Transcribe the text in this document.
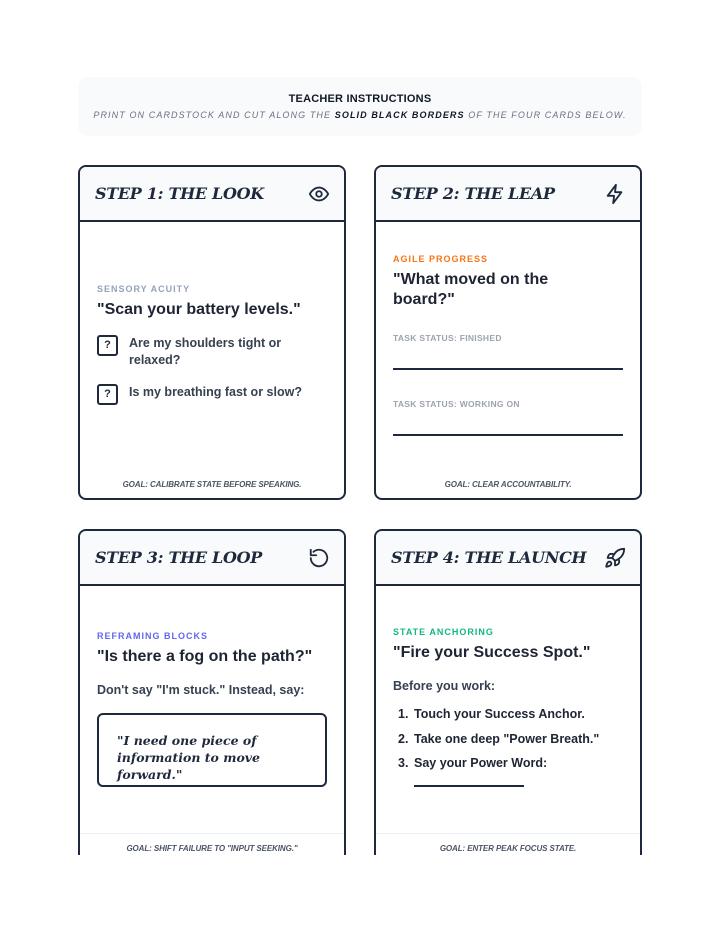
TEACHER INSTRUCTIONS
PRINT ON CARDSTOCK AND CUT ALONG THE SOLID BLACK BORDERS OF THE FOUR CARDS BELOW.
STEP 1: THE LOOK
SENSORY ACUITY
"Scan your battery levels."
?	Are my shoulders tight or relaxed?
?	Is my breathing fast or slow?
GOAL: CALIBRATE STATE BEFORE SPEAKING.
STEP 2: THE LEAP
AGILE PROGRESS
"What moved on the board?"
TASK STATUS: FINISHED
TASK STATUS: WORKING ON
GOAL: CLEAR ACCOUNTABILITY.
STEP 3: THE LOOP
REFRAMING BLOCKS
"Is there a fog on the path?"
Don't say "I'm stuck." Instead, say:
"I need one piece of information to move forward."
GOAL: SHIFT FAILURE TO "INPUT SEEKING."
STEP 4: THE LAUNCH
STATE ANCHORING
"Fire your Success Spot."
Before you work:
1. Touch your Success Anchor.
2. Take one deep "Power Breath."
3. Say your Power Word:
GOAL: ENTER PEAK FOCUS STATE.
